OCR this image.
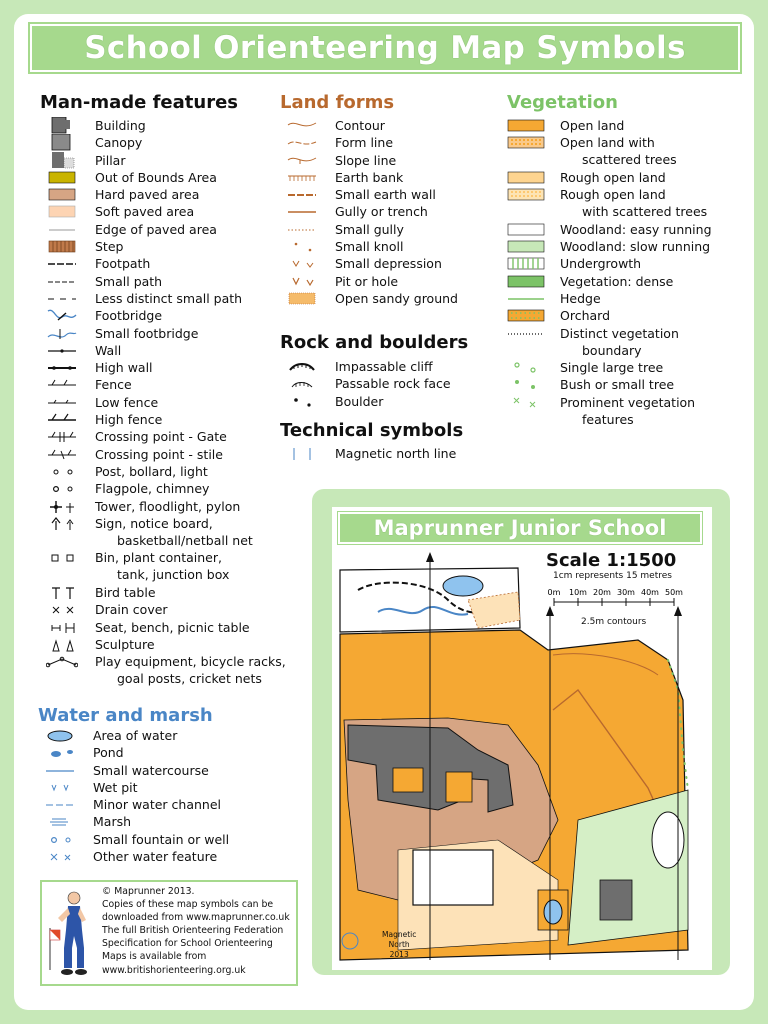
School Orienteering Map Symbols
Man-made features
Building
Canopy
Pillar
Out of Bounds Area
Hard paved area
Soft paved area
Edge of paved area
Step
Footpath
Small path
Less distinct small path
Footbridge
Small footbridge
Wall
High wall
Fence
Low fence
High fence
Crossing point - Gate
Crossing point - stile
Post, bollard, light
Flagpole, chimney
Tower, floodlight, pylon
Sign, notice board,
basketball/netball net
Bin, plant container,
tank, junction box
Bird table
Drain cover
Seat, bench, picnic table
Sculpture
Play equipment, bicycle racks,
goal posts, cricket nets
Water and marsh
Area of water
Pond
Small watercourse
Wet pit
Minor water channel
Marsh
Small fountain or well
Other water feature
Land forms
Contour
Form line
Slope line
Earth bank
Small earth wall
Gully or trench
Small gully
Small knoll
Small depression
Pit or hole
Open sandy ground
Rock and boulders
Impassable cliff
Passable rock face
Boulder
Technical symbols
Magnetic north line
Vegetation
Open land
Open land with
scattered trees
Rough open land
Rough open land
with scattered trees
Woodland: easy running
Woodland: slow running
Undergrowth
Vegetation: dense
Hedge
Orchard
Distinct vegetation
boundary
Single large tree
Bush or small tree
Prominent vegetation
features
Maprunner Junior School
Scale 1:1500
1cm represents 15 metres
0m 10m 20m 30m 40m 50m
2.5m contours
Magnetic
North
2013
© Maprunner 2013.
Copies of these map symbols can be
downloaded from www.maprunner.co.uk
The full British Orienteering Federation
Specification for School Orienteering
Maps is available from
www.britishorienteering.org.uk
